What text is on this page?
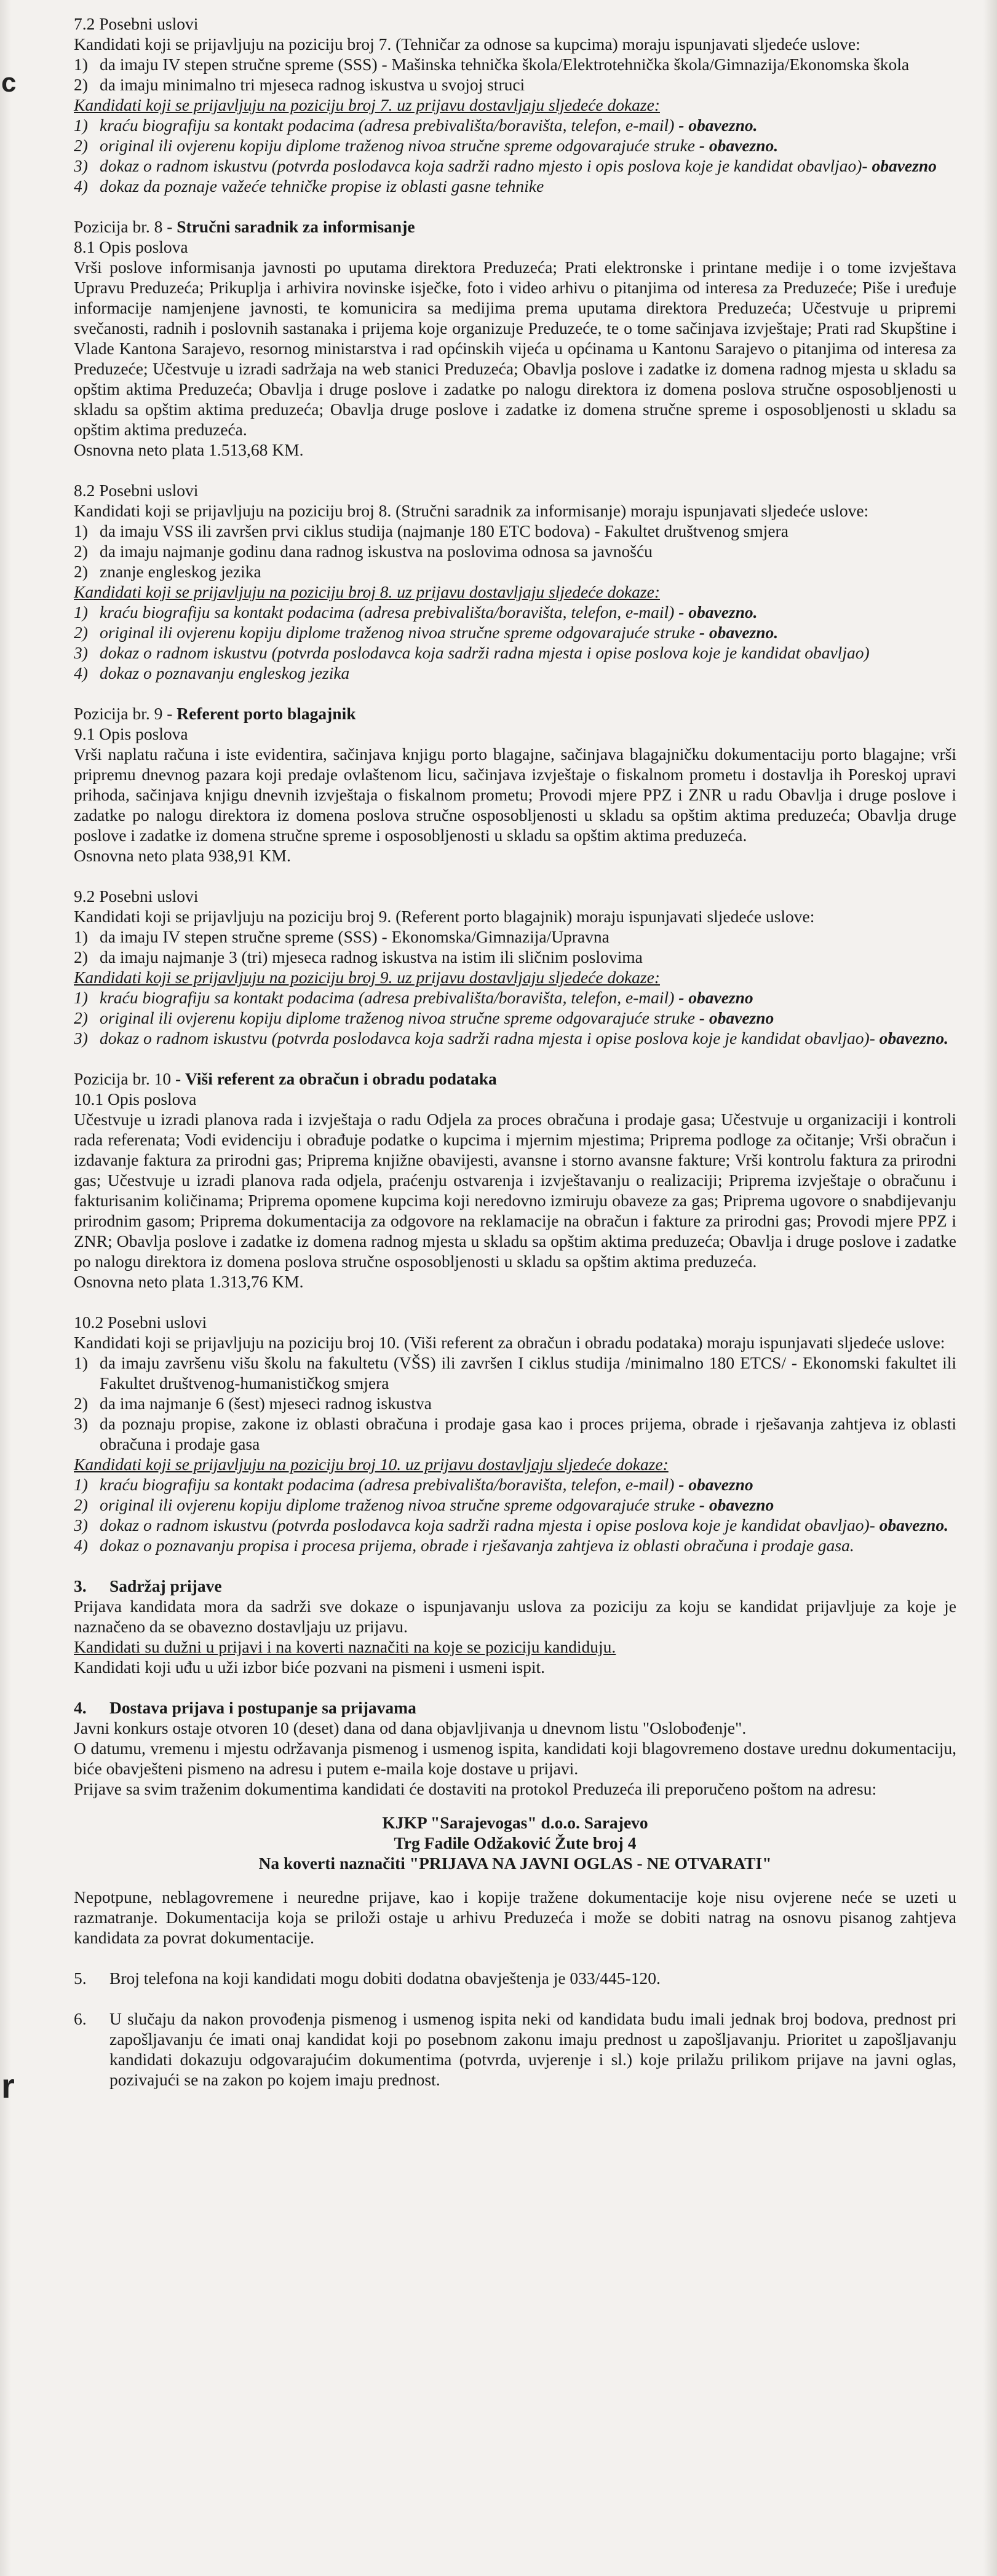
c
r

7.2 Posebni uslovi

Kandidati koji se prijavljuju na poziciju broj 7. (Tehničar za odnose sa kupcima) moraju ispunjavati sljedeće uslove:

1) da imaju IV stepen stručne spreme (SSS) - Mašinska tehnička škola/Elektrotehnička škola/Gimnazija/Ekonomska škola
2) da imaju minimalno tri mjeseca radnog iskustva u svojoj struci

Kandidati koji se prijavljuju na poziciju broj 7. uz prijavu dostavljaju sljedeće dokaze:

1) kraću biografiju sa kontakt podacima (adresa prebivališta/boravišta, telefon, e-mail) - obavezno.
2) original ili ovjerenu kopiju diplome traženog nivoa stručne spreme odgovarajuće struke - obavezno.
3) dokaz o radnom iskustvu (potvrda poslodavca koja sadrži radno mjesto i opis poslova koje je kandidat obavljao)- obavezno
4) dokaz da poznaje važeće tehničke propise iz oblasti gasne tehnike

Pozicija br. 8 - Stručni saradnik za informisanje

8.1 Opis poslova

Vrši poslove informisanja javnosti po uputama direktora Preduzeća; Prati elektronske i printane medije i o tome izvještava Upravu Preduzeća; Prikuplja i arhivira novinske isječke, foto i video arhivu o pitanjima od interesa za Preduzeće; Piše i uređuje informacije namjenjene javnosti, te komunicira sa medijima prema uputama direktora Preduzeća; Učestvuje u pripremi svečanosti, radnih i poslovnih sastanaka i prijema koje organizuje Preduzeće, te o tome sačinjava izvještaje; Prati rad Skupštine i Vlade Kantona Sarajevo, resornog ministarstva i rad općinskih vijeća u općinama u Kantonu Sarajevo o pitanjima od interesa za Preduzeće; Učestvuje u izradi sadržaja na web stanici Preduzeća; Obavlja poslove i zadatke iz domena radnog mjesta u skladu sa opštim aktima Preduzeća; Obavlja i druge poslove i zadatke po nalogu direktora iz domena poslova stručne osposobljenosti u skladu sa opštim aktima preduzeća; Obavlja druge poslove i zadatke iz domena stručne spreme i osposobljenosti u skladu sa opštim aktima preduzeća.

Osnovna neto plata 1.513,68 KM.

8.2 Posebni uslovi

Kandidati koji se prijavljuju na poziciju broj 8. (Stručni saradnik za informisanje) moraju ispunjavati sljedeće uslove:

1) da imaju VSS ili završen prvi ciklus studija (najmanje 180 ETC bodova) - Fakultet društvenog smjera
2) da imaju najmanje godinu dana radnog iskustva na poslovima odnosa sa javnošću
2) znanje engleskog jezika

Kandidati koji se prijavljuju na poziciju broj 8. uz prijavu dostavljaju sljedeće dokaze:

1) kraću biografiju sa kontakt podacima (adresa prebivališta/boravišta, telefon, e-mail) - obavezno.
2) original ili ovjerenu kopiju diplome traženog nivoa stručne spreme odgovarajuće struke - obavezno.
3) dokaz o radnom iskustvu (potvrda poslodavca koja sadrži radna mjesta i opise poslova koje je kandidat obavljao)
4) dokaz o poznavanju engleskog jezika

Pozicija br. 9 - Referent porto blagajnik

9.1 Opis poslova

Vrši naplatu računa i iste evidentira, sačinjava knjigu porto blagajne, sačinjava blagajničku dokumentaciju porto blagajne; vrši pripremu dnevnog pazara koji predaje ovlaštenom licu, sačinjava izvještaje o fiskalnom prometu i dostavlja ih Poreskoj upravi prihoda, sačinjava knjigu dnevnih izvještaja o fiskalnom prometu; Provodi mjere PPZ i ZNR u radu Obavlja i druge poslove i zadatke po nalogu direktora iz domena poslova stručne osposobljenosti u skladu sa opštim aktima preduzeća; Obavlja druge poslove i zadatke iz domena stručne spreme i osposobljenosti u skladu sa opštim aktima preduzeća.

Osnovna neto plata 938,91 KM.

9.2 Posebni uslovi

Kandidati koji se prijavljuju na poziciju broj 9. (Referent porto blagajnik) moraju ispunjavati sljedeće uslove:

1) da imaju IV stepen stručne spreme (SSS) - Ekonomska/Gimnazija/Upravna
2) da imaju najmanje 3 (tri) mjeseca radnog iskustva na istim ili sličnim poslovima

Kandidati koji se prijavljuju na poziciju broj 9. uz prijavu dostavljaju sljedeće dokaze:

1) kraću biografiju sa kontakt podacima (adresa prebivališta/boravišta, telefon, e-mail) - obavezno
2) original ili ovjerenu kopiju diplome traženog nivoa stručne spreme odgovarajuće struke - obavezno
3) dokaz o radnom iskustvu (potvrda poslodavca koja sadrži radna mjesta i opise poslova koje je kandidat obavljao)- obavezno.

Pozicija br. 10 - Viši referent za obračun i obradu podataka

10.1 Opis poslova

Učestvuje u izradi planova rada i izvještaja o radu Odjela za proces obračuna i prodaje gasa; Učestvuje u organizaciji i kontroli rada referenata; Vodi evidenciju i obrađuje podatke o kupcima i mjernim mjestima; Priprema podloge za očitanje; Vrši obračun i izdavanje faktura za prirodni gas; Priprema knjižne obavijesti, avansne i storno avansne fakture; Vrši kontrolu faktura za prirodni gas; Učestvuje u izradi planova rada odjela, praćenju ostvarenja i izvještavanju o realizaciji; Priprema izvještaje o obračunu i fakturisanim količinama; Priprema opomene kupcima koji neredovno izmiruju obaveze za gas; Priprema ugovore o snabdijevanju prirodnim gasom; Priprema dokumentacija za odgovore na reklamacije na obračun i fakture za prirodni gas; Provodi mjere PPZ i ZNR; Obavlja poslove i zadatke iz domena radnog mjesta u skladu sa opštim aktima preduzeća; Obavlja i druge poslove i zadatke po nalogu direktora iz domena poslova stručne osposobljenosti u skladu sa opštim aktima preduzeća.

Osnovna neto plata 1.313,76 KM.

10.2 Posebni uslovi

Kandidati koji se prijavljuju na poziciju broj 10. (Viši referent za obračun i obradu podataka) moraju ispunjavati sljedeće uslove:

1) da imaju završenu višu školu na fakultetu (VŠS) ili završen I ciklus studija /minimalno 180 ETCS/ - Ekonomski fakultet ili Fakultet društvenog-humanističkog smjera
2) da ima najmanje 6 (šest) mjeseci radnog iskustva
3) da poznaju propise, zakone iz oblasti obračuna i prodaje gasa kao i proces prijema, obrade i rješavanja zahtjeva iz oblasti obračuna i prodaje gasa

Kandidati koji se prijavljuju na poziciju broj 10. uz prijavu dostavljaju sljedeće dokaze:

1) kraću biografiju sa kontakt podacima (adresa prebivališta/boravišta, telefon, e-mail) - obavezno
2) original ili ovjerenu kopiju diplome traženog nivoa stručne spreme odgovarajuće struke - obavezno
3) dokaz o radnom iskustvu (potvrda poslodavca koja sadrži radna mjesta i opise poslova koje je kandidat obavljao)- obavezno.
4) dokaz o poznavanju propisa i procesa prijema, obrade i rješavanja zahtjeva iz oblasti obračuna i prodaje gasa.
3.	Sadržaj prijave

Prijava kandidata mora da sadrži sve dokaze o ispunjavanju uslova za poziciju za koju se kandidat prijavljuje za koje je naznačeno da se obavezno dostavljaju uz prijavu.

Kandidati su dužni u prijavi i na koverti naznačiti na koje se poziciju kandiduju.

Kandidati koji uđu u uži izbor biće pozvani na pismeni i usmeni ispit.

4.	Dostava prijava i postupanje sa prijavama

Javni konkurs ostaje otvoren 10 (deset) dana od dana objavljivanja u dnevnom listu "Oslobođenje".

O datumu, vremenu i mjestu održavanja pismenog i usmenog ispita, kandidati koji blagovremeno dostave urednu dokumentaciju, biće obavješteni pismeno na adresu i putem e-maila koje dostave u prijavi.

Prijave sa svim traženim dokumentima kandidati će dostaviti na protokol Preduzeća ili preporučeno poštom na adresu:

KJKP "Sarajevogas" d.o.o. Sarajevo

Trg Fadile Odžaković Žute broj 4

Na koverti naznačiti "PRIJAVA NA JAVNI OGLAS - NE OTVARATI"

Nepotpune, neblagovremene i neuredne prijave, kao i kopije tražene dokumentacije koje nisu ovjerene neće se uzeti u razmatranje. Dokumentacija koja se priloži ostaje u arhivu Preduzeća i može se dobiti natrag na osnovu pisanog zahtjeva kandidata za povrat dokumentacije.

5.	Broj telefona na koji kandidati mogu dobiti dodatna obavještenja je 033/445-120.
6.	U slučaju da nakon provođenja pismenog i usmenog ispita neki od kandidata budu imali jednak broj bodova, prednost pri zapošljavanju će imati onaj kandidat koji po posebnom zakonu imaju prednost u zapošljavanju. Prioritet u zapošljavanju kandidati dokazuju odgovarajućim dokumentima (potvrda, uvjerenje i sl.) koje prilažu prilikom prijave na javni oglas, pozivajući se na zakon po kojem imaju prednost.
